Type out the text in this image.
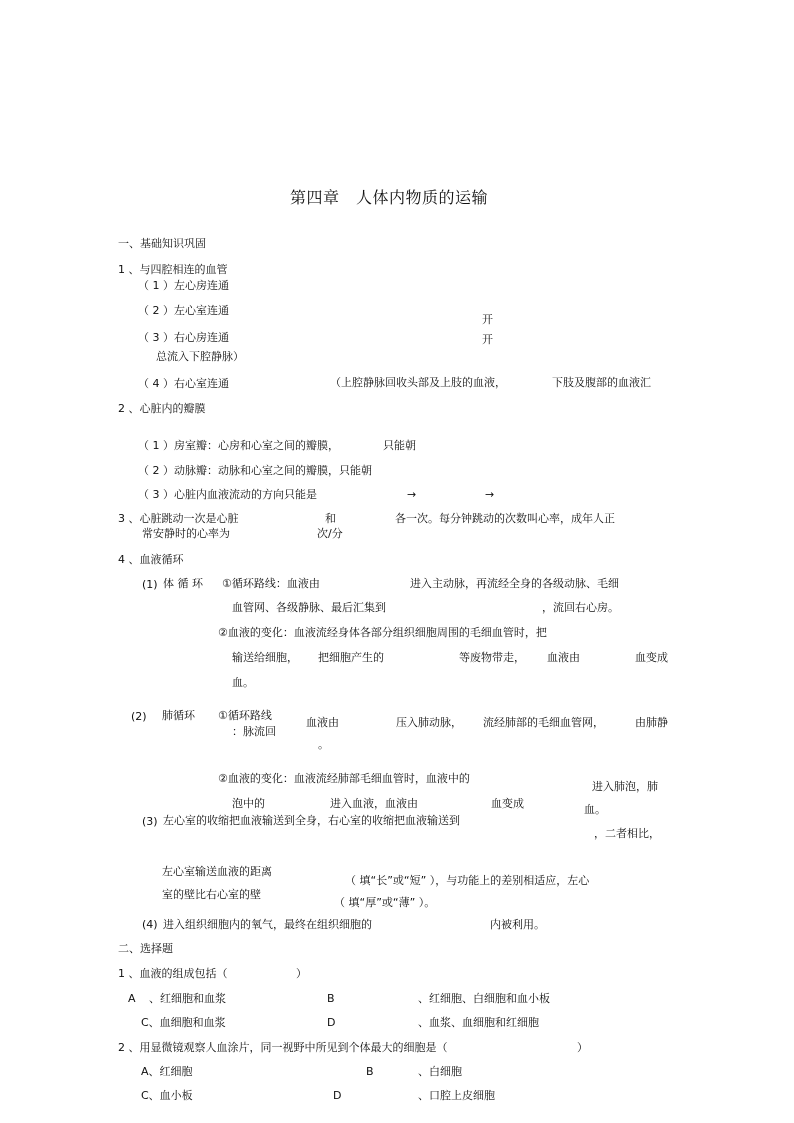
第四章　人体内物质的运输
一、基础知识巩固
1 、与四腔相连的血管
（ 1 ）左心房连通
（ 2 ）左心室连通
开
开
（ 3 ）右心房连通
总流入下腔静脉）
（ 4 ）右心室连通	（上腔静脉回收头部及上肢的血液，	下肢及腹部的血液汇
2 、心脏内的瓣膜
（ 1 ）房室瓣：心房和心室之间的瓣膜，	只能朝
（ 2 ）动脉瓣：动脉和心室之间的瓣膜，只能朝
（ 3 ）心脏内血液流动的方向只能是	→	→
3 、心脏跳动一次是心脏	和	各一次。每分钟跳动的次数叫心率，成年人正
常安静时的心率为	次/分
4 、血液循环
(1) 体 循 环 ①循环路线：血液由	进入主动脉，再流经全身的各级动脉、毛细
血管网、各级静脉、最后汇集到	，流回右心房。
②血液的变化：血液流经身体各部分组织细胞周围的毛细血管时，把
输送给细胞， 把细胞产生的	等废物带走， 血液由	血变成
血。
(2) 肺循环 ①循环路线
：脉流回
血液由	压入肺动脉， 流经肺部的毛细血管网，	由肺静
。
②血液的变化：血液流经肺部毛细血管时，血液中的
进入肺泡，肺
泡中的	进入血液，血液由	血变成	血。
(3) 左心室的收缩把血液输送到全身，右心室的收缩把血液输送到
，二者相比，
左心室输送血液的距离
（ 填“长”或“短” ），与功能上的差别相适应，左心
室的壁比右心室的壁
（ 填“厚”或“薄” ）。
(4) 进入组织细胞内的氧气，最终在组织细胞的	内被利用。
二、选择题
1 、血液的组成包括（	）
A 、红细胞和血浆	B	、红细胞、白细胞和血小板
C、血细胞和血浆	D	、血浆、血细胞和红细胞
2 、用显微镜观察人血涂片，同一视野中所见到个体最大的细胞是（	）
A、红细胞	B	、白细胞
C、血小板	D	、口腔上皮细胞
